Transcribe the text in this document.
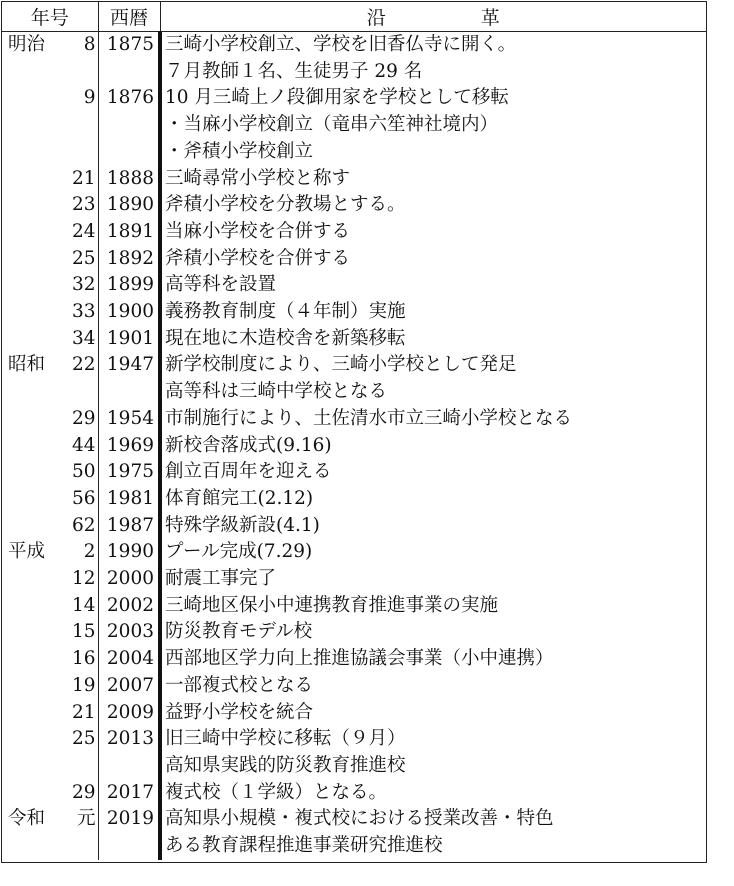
年号	西暦	沿　　　　　革

明治 8	1875	三崎小学校創立、学校を旧香仏寺に開く。

		７月教師１名、生徒男子 29 名

9	1876	10 月三崎上ノ段御用家を学校として移転

		・当麻小学校創立（竜串六笙神社境内）

		・斧積小学校創立

21	1888	三崎尋常小学校と称す

23	1890	斧積小学校を分教場とする。

24	1891	当麻小学校を合併する

25	1892	斧積小学校を合併する

32	1899	高等科を設置

33	1900	義務教育制度（４年制）実施

34	1901	現在地に木造校舎を新築移転

昭和 22	1947	新学校制度により、三崎小学校として発足

		高等科は三崎中学校となる

29	1954	市制施行により、土佐清水市立三崎小学校となる

44	1969	新校舎落成式(9.16)

50	1975	創立百周年を迎える

56	1981	体育館完工(2.12)

62	1987	特殊学級新設(4.1)

平成 2	1990	プール完成(7.29)

12	2000	耐震工事完了

14	2002	三崎地区保小中連携教育推進事業の実施

15	2003	防災教育モデル校

16	2004	西部地区学力向上推進協議会事業（小中連携）

19	2007	一部複式校となる

21	2009	益野小学校を統合

25	2013	旧三崎中学校に移転（９月）

		高知県実践的防災教育推進校

29	2017	複式校（１学級）となる。

令和 元	2019	高知県小規模・複式校における授業改善・特色

		ある教育課程推進事業研究推進校
